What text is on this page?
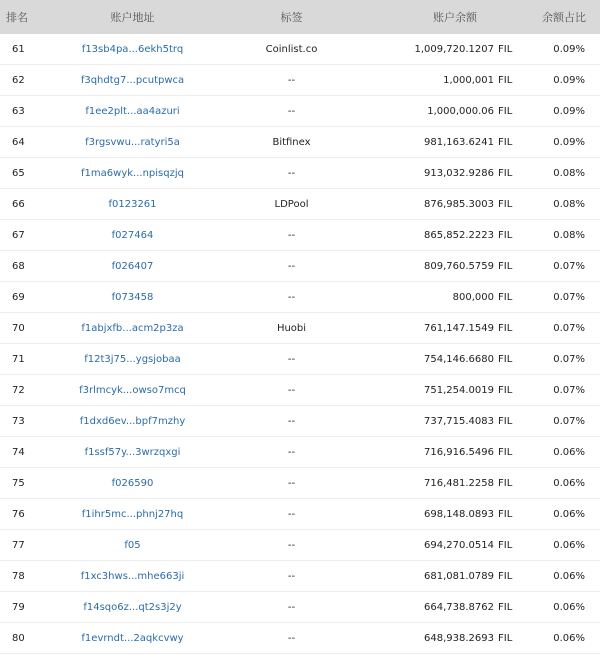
排名	账户地址	标签	账户余额	余额占比
61	f13sb4pa...6ekh5trq	Coinlist.co	1,009,720.1207 FIL	0.09%
62	f3qhdtg7...pcutpwca	--	1,000,001 FIL	0.09%
63	f1ee2plt...aa4azuri	--	1,000,000.06 FIL	0.09%
64	f3rgsvwu...ratyri5a	Bitfinex	981,163.6241 FIL	0.09%
65	f1ma6wyk...npisqzjq	--	913,032.9286 FIL	0.08%
66	f0123261	LDPool	876,985.3003 FIL	0.08%
67	f027464	--	865,852.2223 FIL	0.08%
68	f026407	--	809,760.5759 FIL	0.07%
69	f073458	--	800,000 FIL	0.07%
70	f1abjxfb...acm2p3za	Huobi	761,147.1549 FIL	0.07%
71	f12t3j75...ygsjobaa	--	754,146.6680 FIL	0.07%
72	f3rlmcyk...owso7mcq	--	751,254.0019 FIL	0.07%
73	f1dxd6ev...bpf7mzhy	--	737,715.4083 FIL	0.07%
74	f1ssf57y...3wrzqxgi	--	716,916.5496 FIL	0.06%
75	f026590	--	716,481.2258 FIL	0.06%
76	f1ihr5mc...phnj27hq	--	698,148.0893 FIL	0.06%
77	f05	--	694,270.0514 FIL	0.06%
78	f1xc3hws...mhe663ji	--	681,081.0789 FIL	0.06%
79	f14sqo6z...qt2s3j2y	--	664,738.8762 FIL	0.06%
80	f1evrndt...2aqkcvwy	--	648,938.2693 FIL	0.06%
